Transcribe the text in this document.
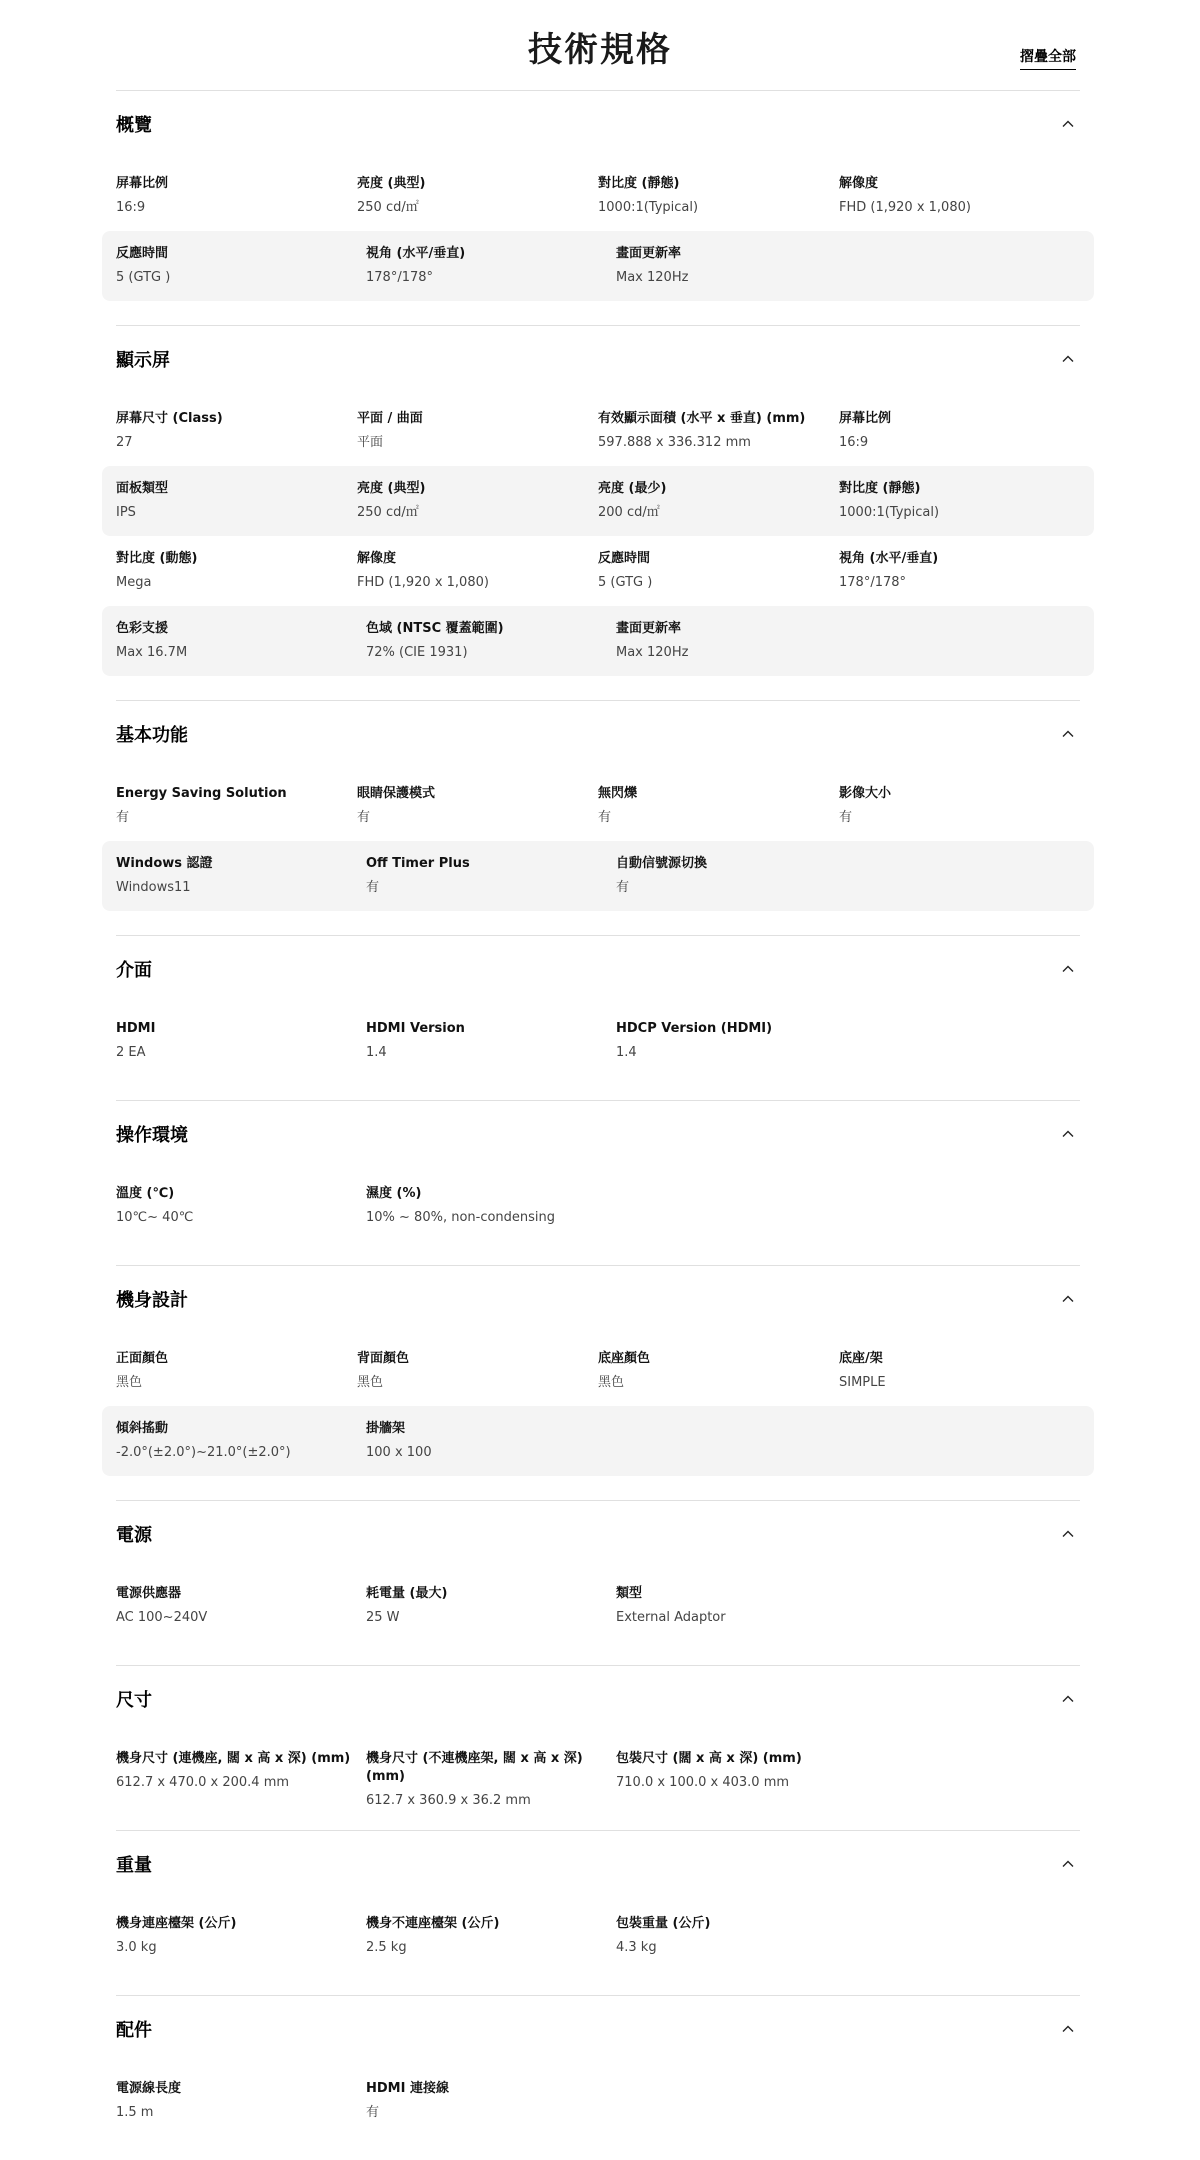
技術規格	摺疊全部
概覽
屏幕比例
16:9
亮度 (典型)
250 cd/㎡
對比度 (靜態)
1000:1(Typical)
解像度
FHD (1,920 x 1,080)
反應時間
5 (GTG )
視角 (水平/垂直)
178°/178°
畫面更新率
Max 120Hz
顯示屏
屏幕尺寸 (Class)
27
平面 / 曲面
平面
有效顯示面積 (水平 x 垂直) (mm)
597.888 x 336.312 mm
屏幕比例
16:9
面板類型
IPS
亮度 (典型)
250 cd/㎡
亮度 (最少)
200 cd/㎡
對比度 (靜態)
1000:1(Typical)
對比度 (動態)
Mega
解像度
FHD (1,920 x 1,080)
反應時間
5 (GTG )
視角 (水平/垂直)
178°/178°
色彩支援
Max 16.7M
色域 (NTSC 覆蓋範圍)
72% (CIE 1931)
畫面更新率
Max 120Hz
基本功能
Energy Saving Solution
有
眼睛保護模式
有
無閃爍
有
影像大小
有
Windows 認證
Windows11
Off Timer Plus
有
自動信號源切換
有
介面
HDMI
2 EA
HDMI Version
1.4
HDCP Version (HDMI)
1.4
操作環境
溫度 (℃)
10℃~ 40℃
濕度 (%)
10% ~ 80%, non-condensing
機身設計
正面顏色
黑色
背面顏色
黑色
底座顏色
黑色
底座/架
SIMPLE
傾斜搖動
-2.0°(±2.0°)~21.0°(±2.0°)
掛牆架
100 x 100
電源
電源供應器
AC 100~240V
耗電量 (最大)
25 W
類型
External Adaptor
尺寸
機身尺寸 (連機座, 闊 x 高 x 深) (mm)
612.7 x 470.0 x 200.4 mm
機身尺寸 (不連機座架, 闊 x 高 x 深) (mm)
612.7 x 360.9 x 36.2 mm
包裝尺寸 (闊 x 高 x 深) (mm)
710.0 x 100.0 x 403.0 mm
重量
機身連座檯架 (公斤)
3.0 kg
機身不連座檯架 (公斤)
2.5 kg
包裝重量 (公斤)
4.3 kg
配件
電源線長度
1.5 m
HDMI 連接線
有
